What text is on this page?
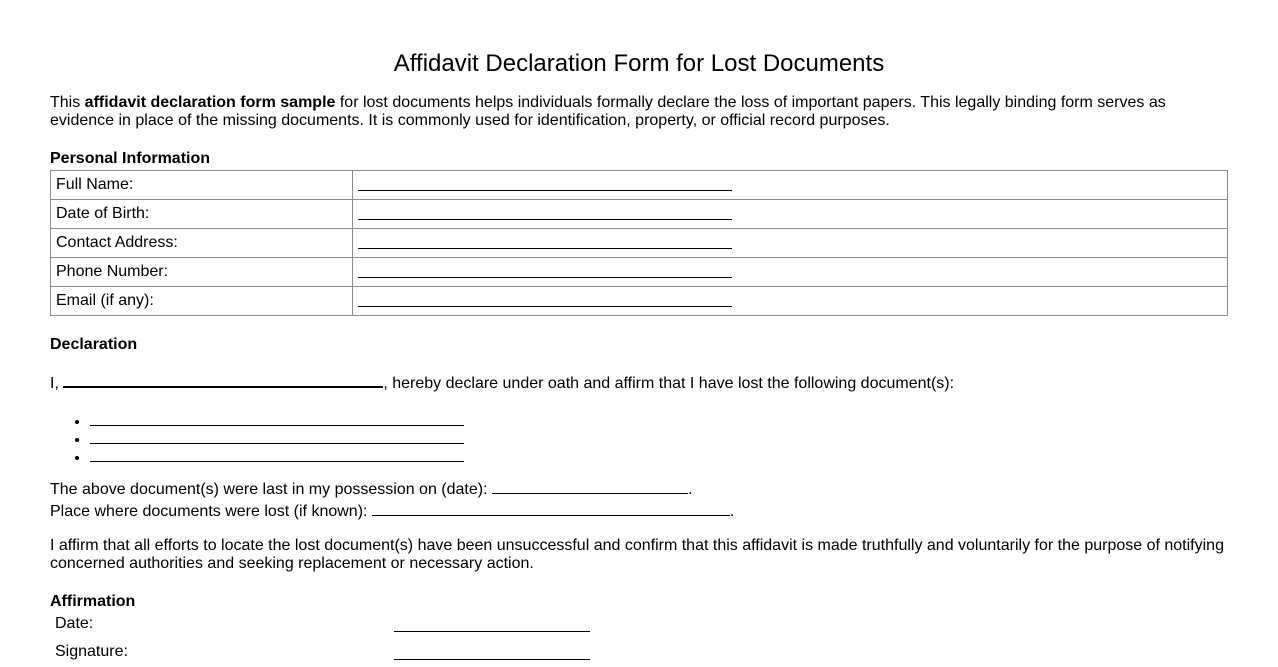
Affidavit Declaration Form for Lost Documents

This affidavit declaration form sample for lost documents helps individuals formally declare the loss of important papers. This legally binding form serves as evidence in place of the missing documents. It is commonly used for identification, property, or official record purposes.

Personal Information

Full Name:	
Date of Birth:	
Contact Address:	
Phone Number:	
Email (if any):	

Declaration

I,	, hereby declare under oath and affirm that I have lost the following document(s):

•
•
•

The above document(s) were last in my possession on (date):	.
Place where documents were lost (if known):	.

I affirm that all efforts to locate the lost document(s) have been unsuccessful and confirm that this affidavit is made truthfully and voluntarily for the purpose of notifying concerned authorities and seeking replacement or necessary action.

Affirmation

Date:
Signature:
